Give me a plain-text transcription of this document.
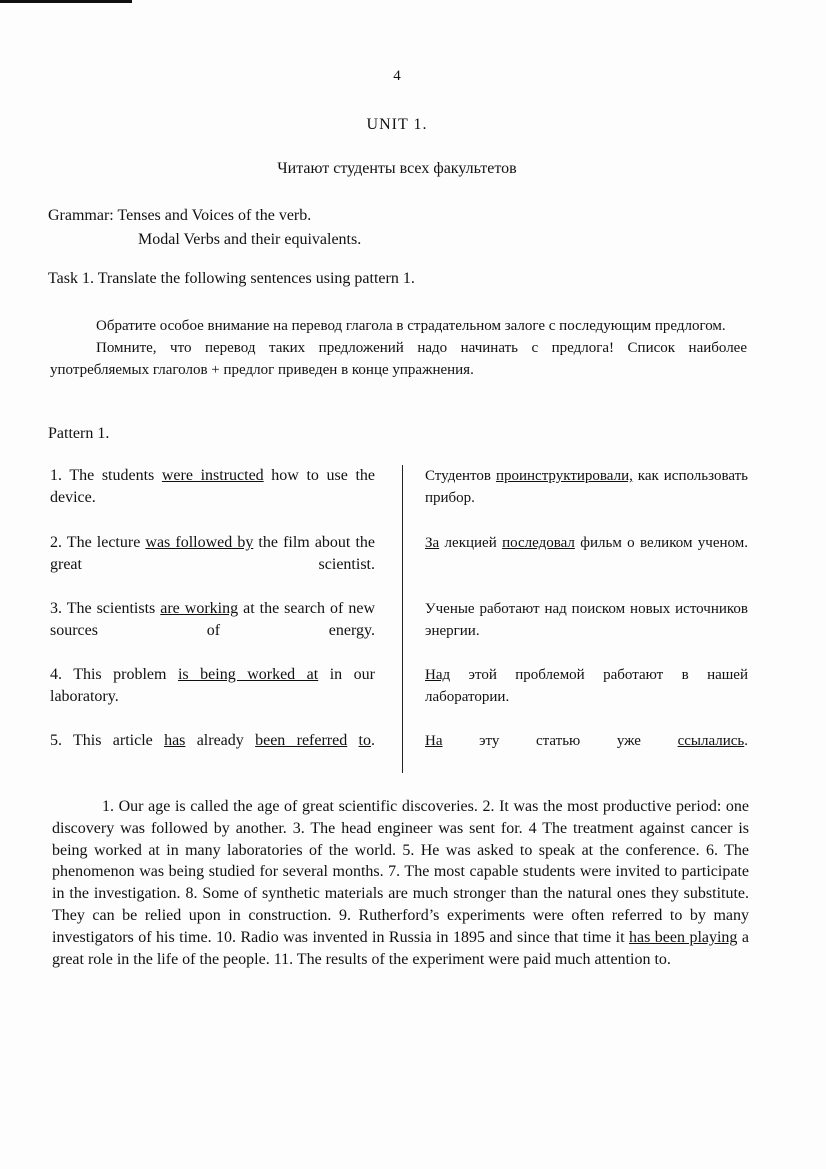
4
UNIT 1.
Читают студенты всех факультетов
Grammar: Tenses and Voices of the verb.
Modal Verbs and their equivalents.
Task 1. Translate the following sentences using pattern 1.

Обратите особое внимание на перевод глагола в страдательном залоге с последующим предлогом.

Помните, что перевод таких предложений надо начинать с предлога! Список наиболее употребляемых глаголов + предлог приведен в конце упражнения.

Pattern 1.
1. The students were instructed how to use the device.
Студентов проинструктировали, как использовать прибор.
2. The lecture was followed by the film about the great scientist.
За лекцией последовал фильм о великом ученом.
3. The scientists are working at the search of new sources of energy.
Ученые работают над поиском новых источников энергии.
4. This problem is being worked at in our laboratory.
Над этой проблемой работают в нашей лаборатории.
5. This article has already been referred to.	На эту статью уже ссылались.

1. Our age is called the age of great scientific discoveries. 2. It was the most productive period: one discovery was followed by another. 3. The head engineer was sent for. 4 The treatment against cancer is being worked at in many laboratories of the world. 5. He was asked to speak at the conference. 6. The phenomenon was being studied for several months. 7. The most capable students were invited to participate in the investigation. 8. Some of synthetic materials are much stronger than the natural ones they substitute. They can be relied upon in construction. 9. Rutherford’s experiments were often referred to by many investigators of his time. 10. Radio was invented in Russia in 1895 and since that time it has been playing a great role in the life of the people. 11. The results of the experiment were paid much attention to.
